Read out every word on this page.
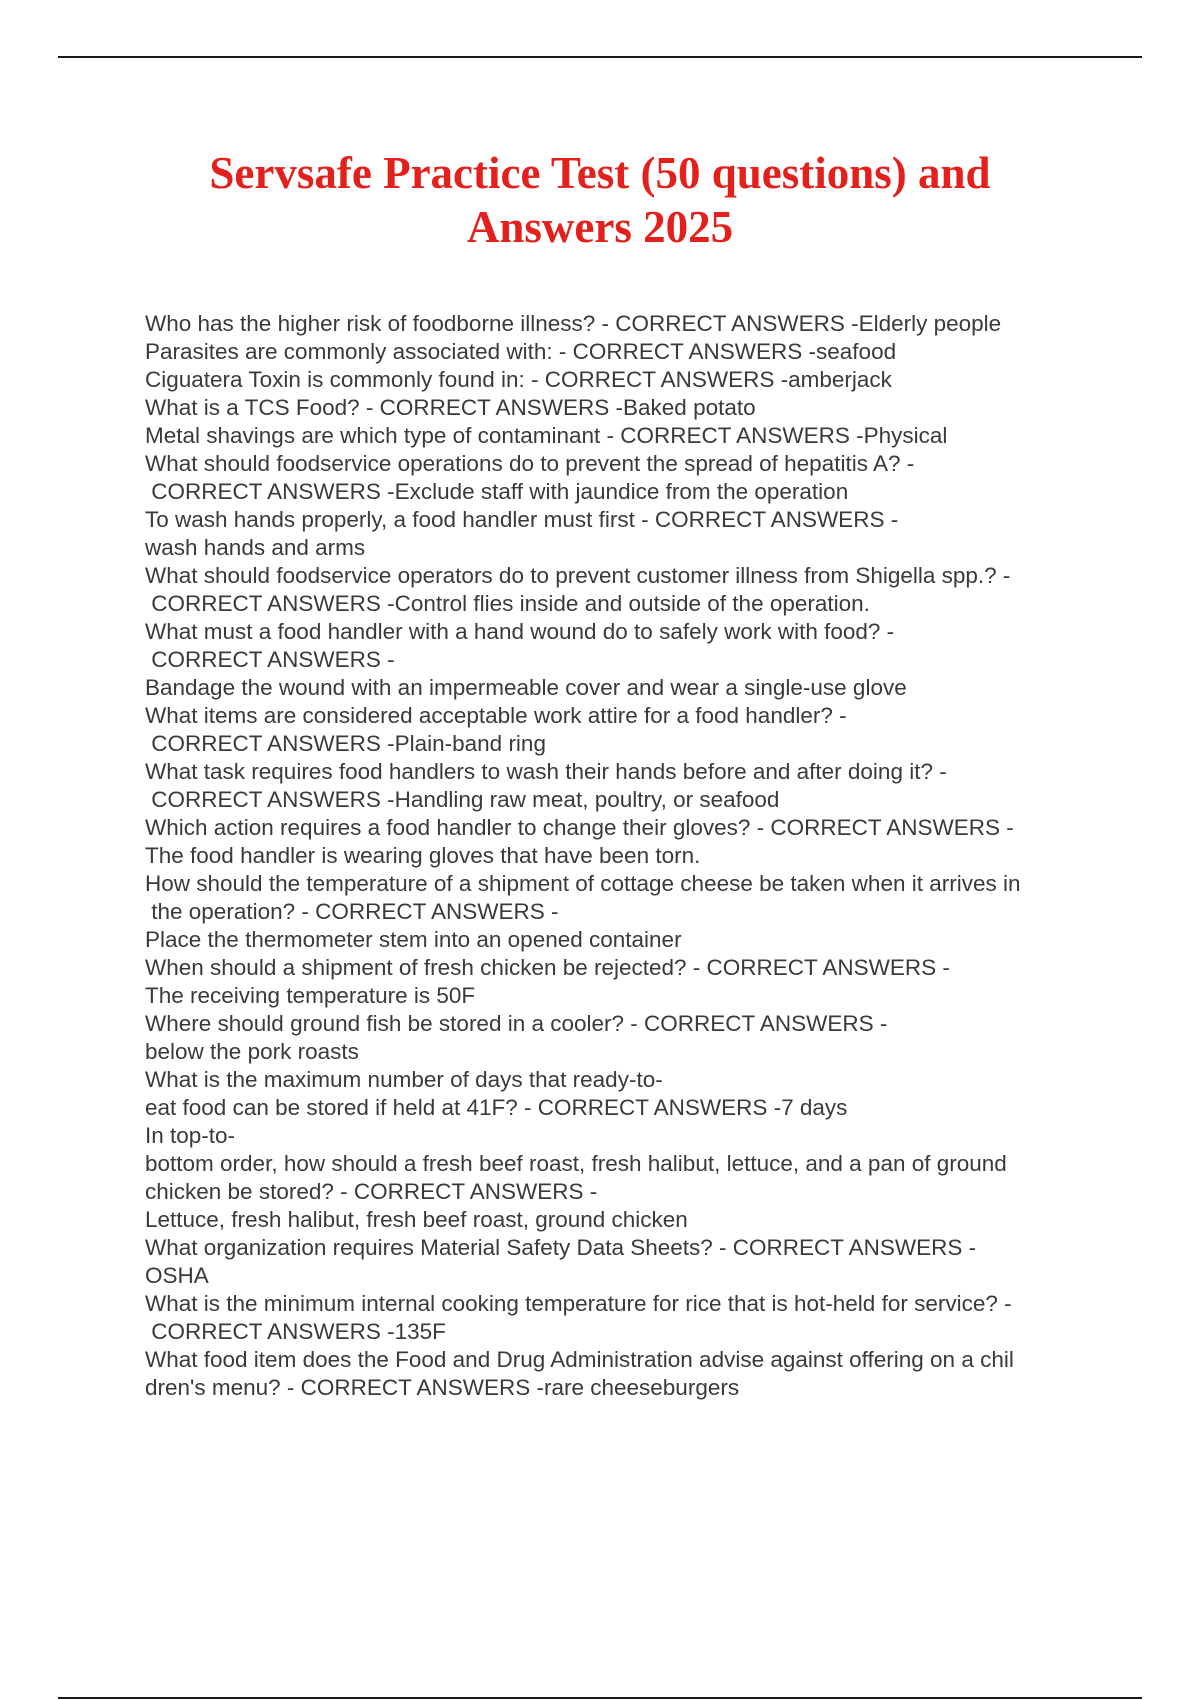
Servsafe Practice Test (50 questions) and
Answers 2025
Who has the higher risk of foodborne illness? - CORRECT ANSWERS -Elderly people
Parasites are commonly associated with: - CORRECT ANSWERS -seafood
Ciguatera Toxin is commonly found in: - CORRECT ANSWERS -amberjack
What is a TCS Food? - CORRECT ANSWERS -Baked potato
Metal shavings are which type of contaminant - CORRECT ANSWERS -Physical
What should foodservice operations do to prevent the spread of hepatitis A? -
CORRECT ANSWERS -Exclude staff with jaundice from the operation
To wash hands properly, a food handler must first - CORRECT ANSWERS -
wash hands and arms
What should foodservice operators do to prevent customer illness from Shigella spp.? -
CORRECT ANSWERS -Control flies inside and outside of the operation.
What must a food handler with a hand wound do to safely work with food? -
CORRECT ANSWERS -
Bandage the wound with an impermeable cover and wear a single-use glove
What items are considered acceptable work attire for a food handler? -
CORRECT ANSWERS -Plain-band ring
What task requires food handlers to wash their hands before and after doing it? -
CORRECT ANSWERS -Handling raw meat, poultry, or seafood
Which action requires a food handler to change their gloves? - CORRECT ANSWERS -
The food handler is wearing gloves that have been torn.
How should the temperature of a shipment of cottage cheese be taken when it arrives in
the operation? - CORRECT ANSWERS -
Place the thermometer stem into an opened container
When should a shipment of fresh chicken be rejected? - CORRECT ANSWERS -
The receiving temperature is 50F
Where should ground fish be stored in a cooler? - CORRECT ANSWERS -
below the pork roasts
What is the maximum number of days that ready-to-
eat food can be stored if held at 41F? - CORRECT ANSWERS -7 days
In top-to-
bottom order, how should a fresh beef roast, fresh halibut, lettuce, and a pan of ground
chicken be stored? - CORRECT ANSWERS -
Lettuce, fresh halibut, fresh beef roast, ground chicken
What organization requires Material Safety Data Sheets? - CORRECT ANSWERS -
OSHA
What is the minimum internal cooking temperature for rice that is hot-held for service? -
CORRECT ANSWERS -135F
What food item does the Food and Drug Administration advise against offering on a chil
dren's menu? - CORRECT ANSWERS -rare cheeseburgers
